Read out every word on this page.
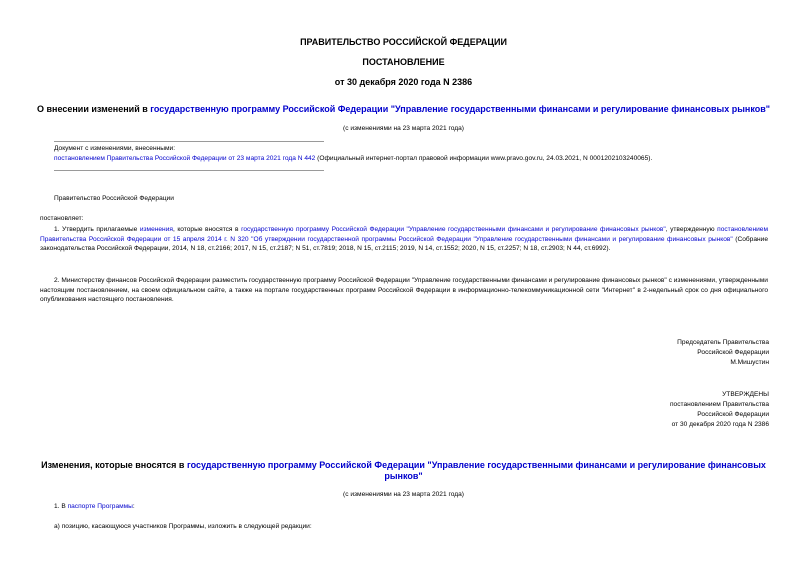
ПРАВИТЕЛЬСТВО РОССИЙСКОЙ ФЕДЕРАЦИИ
ПОСТАНОВЛЕНИЕ
от 30 декабря 2020 года N 2386
О внесении изменений в государственную программу Российской Федерации "Управление государственными финансами и регулирование финансовых рынков"
(с изменениями на 23 марта 2021 года)
Документ с изменениями, внесенными:
постановлением Правительства Российской Федерации от 23 марта 2021 года N 442 (Официальный интернет-портал правовой информации www.pravo.gov.ru, 24.03.2021, N 0001202103240065).
Правительство Российской Федерации
постановляет:
1. Утвердить прилагаемые изменения, которые вносятся в государственную программу Российской Федерации "Управление государственными финансами и регулирование финансовых рынков", утвержденную постановлением Правительства Российской Федерации от 15 апреля 2014 г. N 320 "Об утверждении государственной программы Российской Федерации "Управление государственными финансами и регулирование финансовых рынков" (Собрание законодательства Российской Федерации, 2014, N 18, ст.2166; 2017, N 15, ст.2187; N 51, ст.7819; 2018, N 15, ст.2115; 2019, N 14, ст.1552; 2020, N 15, ст.2257; N 18, ст.2903; N 44, ст.6992).
2. Министерству финансов Российской Федерации разместить государственную программу Российской Федерации "Управление государственными финансами и регулирование финансовых рынков" с изменениями, утвержденными настоящим постановлением, на своем официальном сайте, а также на портале государственных программ Российской Федерации в информационно-телекоммуникационной сети "Интернет" в 2-недельный срок со дня официального опубликования настоящего постановления.
Председатель Правительства
Российской Федерации
М.Мишустин
УТВЕРЖДЕНЫ
постановлением Правительства
Российской Федерации
от 30 декабря 2020 года N 2386
Изменения, которые вносятся в государственную программу Российской Федерации "Управление государственными финансами и регулирование финансовых рынков"
(с изменениями на 23 марта 2021 года)
1. В паспорте Программы:
а) позицию, касающуюся участников Программы, изложить в следующей редакции:
